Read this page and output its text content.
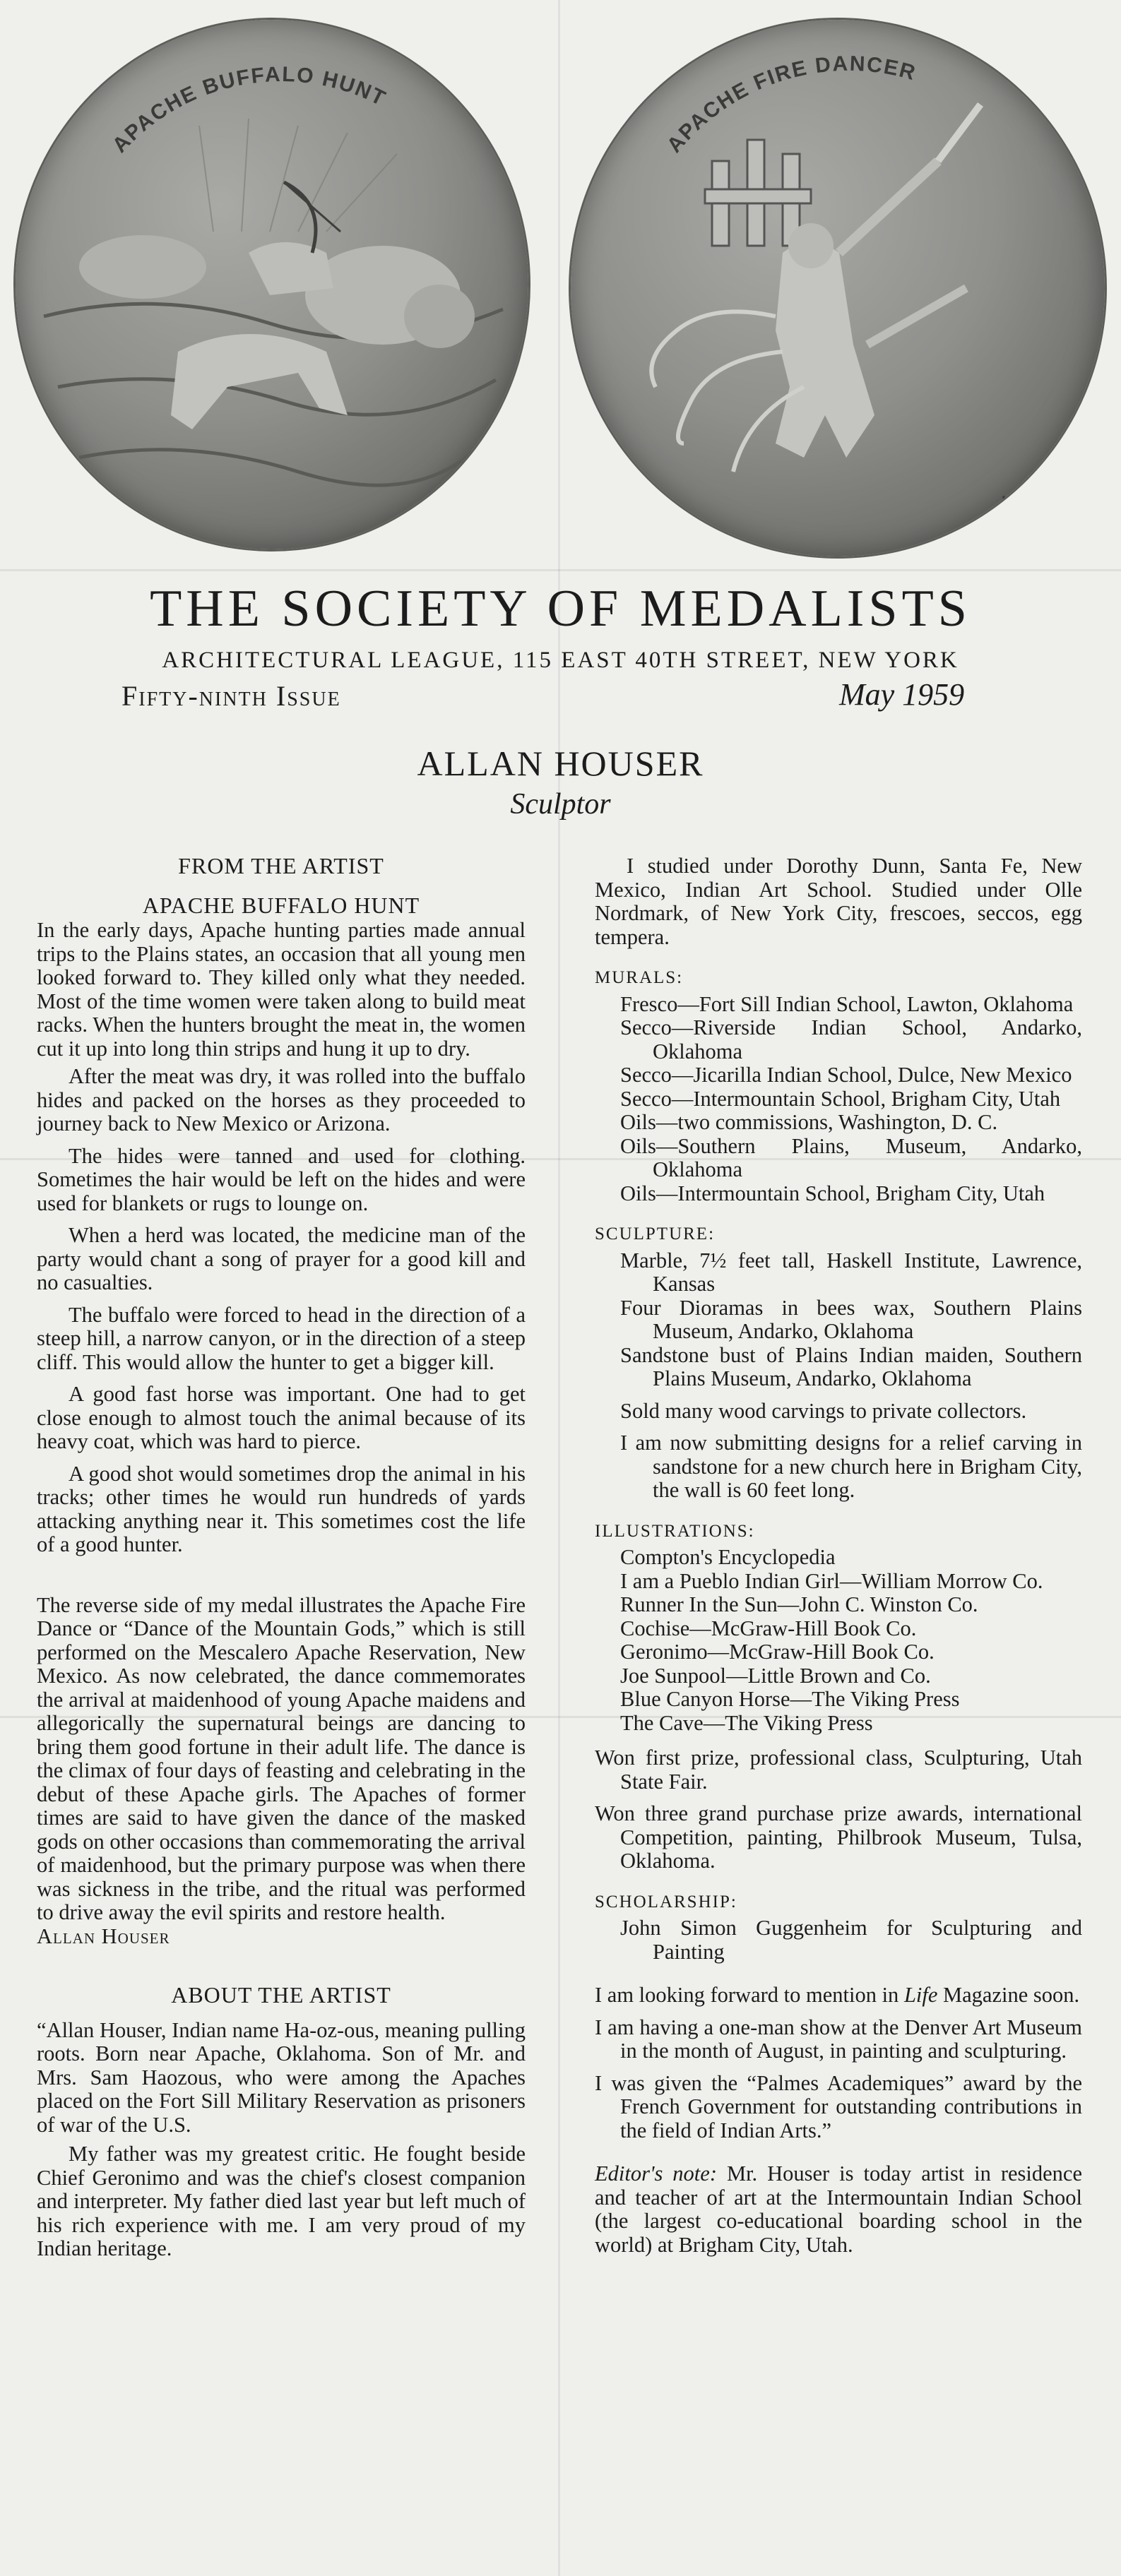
APACHE BUFFALO HUNT
APACHE FIRE DANCER
HOUSER
THE SOCIETY OF MEDALISTS
ARCHITECTURAL LEAGUE, 115 EAST 40TH STREET, NEW YORK
Fifty-ninth Issue	May 1959
ALLAN HOUSER
Sculptor
FROM THE ARTIST
APACHE BUFFALO HUNT

In the early days, Apache hunting parties made annual trips to the Plains states, an occasion that all young men looked forward to. They killed only what they needed. Most of the time women were taken along to build meat racks. When the hunters brought the meat in, the women cut it up into long thin strips and hung it up to dry.

After the meat was dry, it was rolled into the buffalo hides and packed on the horses as they proceeded to journey back to New Mexico or Arizona.

The hides were tanned and used for clothing. Sometimes the hair would be left on the hides and were used for blankets or rugs to lounge on.

When a herd was located, the medicine man of the party would chant a song of prayer for a good kill and no casualties.

The buffalo were forced to head in the direction of a steep hill, a narrow canyon, or in the direction of a steep cliff. This would allow the hunter to get a bigger kill.

A good fast horse was important. One had to get close enough to almost touch the animal because of its heavy coat, which was hard to pierce.

A good shot would sometimes drop the animal in his tracks; other times he would run hundreds of yards attacking anything near it. This sometimes cost the life of a good hunter.

The reverse side of my medal illustrates the Apache Fire Dance or “Dance of the Mountain Gods,” which is still performed on the Mescalero Apache Reservation, New Mexico. As now celebrated, the dance commemorates the arrival at maidenhood of young Apache maidens and allegorically the supernatural beings are dancing to bring them good fortune in their adult life. The dance is the climax of four days of feasting and celebrating in the debut of these Apache girls. The Apaches of former times are said to have given the dance of the masked gods on other occasions than commemorating the arrival of maidenhood, but the primary purpose was when there was sickness in the tribe, and the ritual was performed to drive away the evil spirits and restore health.

Allan Houser

ABOUT THE ARTIST

“Allan Houser, Indian name Ha-oz-ous, meaning pulling roots. Born near Apache, Oklahoma. Son of Mr. and Mrs. Sam Haozous, who were among the Apaches placed on the Fort Sill Military Reservation as prisoners of war of the U.S.

My father was my greatest critic. He fought beside Chief Geronimo and was the chief's closest companion and interpreter. My father died last year but left much of his rich experience with me. I am very proud of my Indian heritage.

I studied under Dorothy Dunn, Santa Fe, New Mexico, Indian Art School. Studied under Olle Nordmark, of New York City, frescoes, seccos, egg tempera.

MURALS:

Fresco—Fort Sill Indian School, Lawton, Oklahoma

Secco—Riverside Indian School, Andarko, Oklahoma

Secco—Jicarilla Indian School, Dulce, New Mexico

Secco—Intermountain School, Brigham City, Utah

Oils—two commissions, Washington, D. C.

Oils—Southern Plains, Museum, Andarko, Oklahoma

Oils—Intermountain School, Brigham City, Utah

SCULPTURE:

Marble, 7½ feet tall, Haskell Institute, Lawrence, Kansas

Four Dioramas in bees wax, Southern Plains Museum, Andarko, Oklahoma

Sandstone bust of Plains Indian maiden, Southern Plains Museum, Andarko, Oklahoma

Sold many wood carvings to private collectors.

I am now submitting designs for a relief carving in sandstone for a new church here in Brigham City, the wall is 60 feet long.

ILLUSTRATIONS:

Compton's Encyclopedia

I am a Pueblo Indian Girl—William Morrow Co.

Runner In the Sun—John C. Winston Co.

Cochise—McGraw-Hill Book Co.

Geronimo—McGraw-Hill Book Co.

Joe Sunpool—Little Brown and Co.

Blue Canyon Horse—The Viking Press

The Cave—The Viking Press

Won first prize, professional class, Sculpturing, Utah State Fair.

Won three grand purchase prize awards, international Competition, painting, Philbrook Museum, Tulsa, Oklahoma.

SCHOLARSHIP:

John Simon Guggenheim for Sculpturing and Painting

I am looking forward to mention in Life Magazine soon.

I am having a one-man show at the Denver Art Museum in the month of August, in painting and sculpturing.

I was given the “Palmes Academiques” award by the French Government for outstanding contributions in the field of Indian Arts.”

Editor's note: Mr. Houser is today artist in residence and teacher of art at the Intermountain Indian School (the largest co-educational boarding school in the world) at Brigham City, Utah.
